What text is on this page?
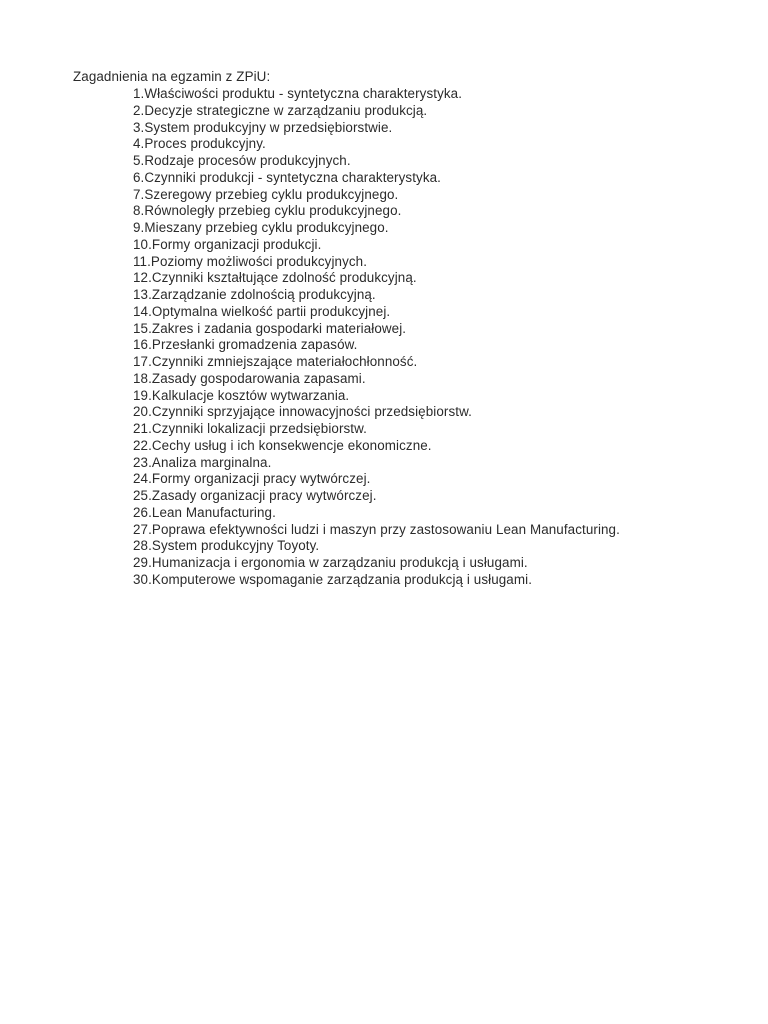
Zagadnienia na egzamin z ZPiU:
1.Właściwości produktu - syntetyczna charakterystyka.
2.Decyzje strategiczne w zarządzaniu produkcją.
3.System produkcyjny w przedsiębiorstwie.
4.Proces produkcyjny.
5.Rodzaje procesów produkcyjnych.
6.Czynniki produkcji - syntetyczna charakterystyka.
7.Szeregowy przebieg cyklu produkcyjnego.
8.Równoległy przebieg cyklu produkcyjnego.
9.Mieszany przebieg cyklu produkcyjnego.
10.Formy organizacji produkcji.
11.Poziomy możliwości produkcyjnych.
12.Czynniki kształtujące zdolność produkcyjną.
13.Zarządzanie zdolnością produkcyjną.
14.Optymalna wielkość partii produkcyjnej.
15.Zakres i zadania gospodarki materiałowej.
16.Przesłanki gromadzenia zapasów.
17.Czynniki zmniejszające materiałochłonność.
18.Zasady gospodarowania zapasami.
19.Kalkulacje kosztów wytwarzania.
20.Czynniki sprzyjające innowacyjności przedsiębiorstw.
21.Czynniki lokalizacji przedsiębiorstw.
22.Cechy usług i ich konsekwencje ekonomiczne.
23.Analiza marginalna.
24.Formy organizacji pracy wytwórczej.
25.Zasady organizacji pracy wytwórczej.
26.Lean Manufacturing.
27.Poprawa efektywności ludzi i maszyn przy zastosowaniu Lean Manufacturing.
28.System produkcyjny Toyoty.
29.Humanizacja i ergonomia w zarządzaniu produkcją i usługami.
30.Komputerowe wspomaganie zarządzania produkcją i usługami.
